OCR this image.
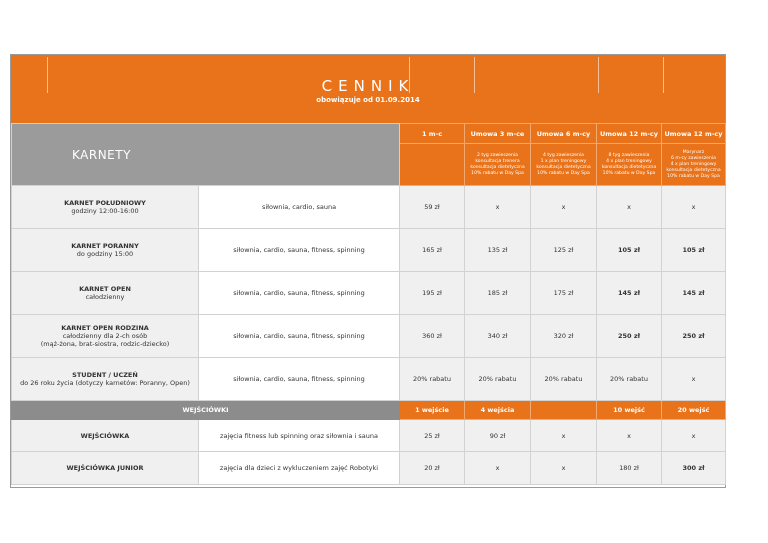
CENNIK
obowiązuje od 01.09.2014
KARNETY		1 m-c	Umowa 3 m-ce	Umowa 6 m-cy	Umowa 12 m-cy	Umowa 12 m-cy

			2 tyg zawieszenia
konsultacja trenera
konsultacja dietetyczna
10% rabatu w Day Spa	4 tyg zawieszenia
1 x plan treningowy
konsultacja dietetyczna
10% rabatu w Day Spa	8 tyg zawieszenia
4 x plan treningowy
konsultacja dietetyczna
10% rabatu w Day Spa	Marynarz
6 m-cy zawieszenia
4 x plan treningowy
konsultacja dietetyczna
10% rabatu w Day Spa

KARNET POŁUDNIOWY
godziny 12:00-16:00	siłownia, cardio, sauna	59 zł	x	x	x	x

KARNET PORANNY
do godziny 15:00	siłownia, cardio, sauna, fitness, spinning	165 zł	135 zł	125 zł	105 zł	105 zł

KARNET OPEN
całodzienny	siłownia, cardio, sauna, fitness, spinning	195 zł	185 zł	175 zł	145 zł	145 zł

KARNET OPEN RODZINA
całodzienny dla 2-ch osób
(mąż-żona, brat-siostra, rodzic-dziecko)	siłownia, cardio, sauna, fitness, spinning	360 zł	340 zł	320 zł	250 zł	250 zł

STUDENT / UCZEŃ
do 26 roku życia (dotyczy karnetów: Poranny, Open)	siłownia, cardio, sauna, fitness, spinning	20% rabatu	20% rabatu	20% rabatu	20% rabatu	x
WEJŚCIÓWKI		1 wejście	4 wejścia		10 wejść	20 wejść

WEJŚCIÓWKA	zajęcia fitness lub spinning oraz siłownia i sauna	25 zł	90 zł	x	x	x

WEJŚCIÓWKA JUNIOR	zajęcia dla dzieci z wykluczeniem zajęć Robotyki	20 zł	x	x	180 zł	300 zł
